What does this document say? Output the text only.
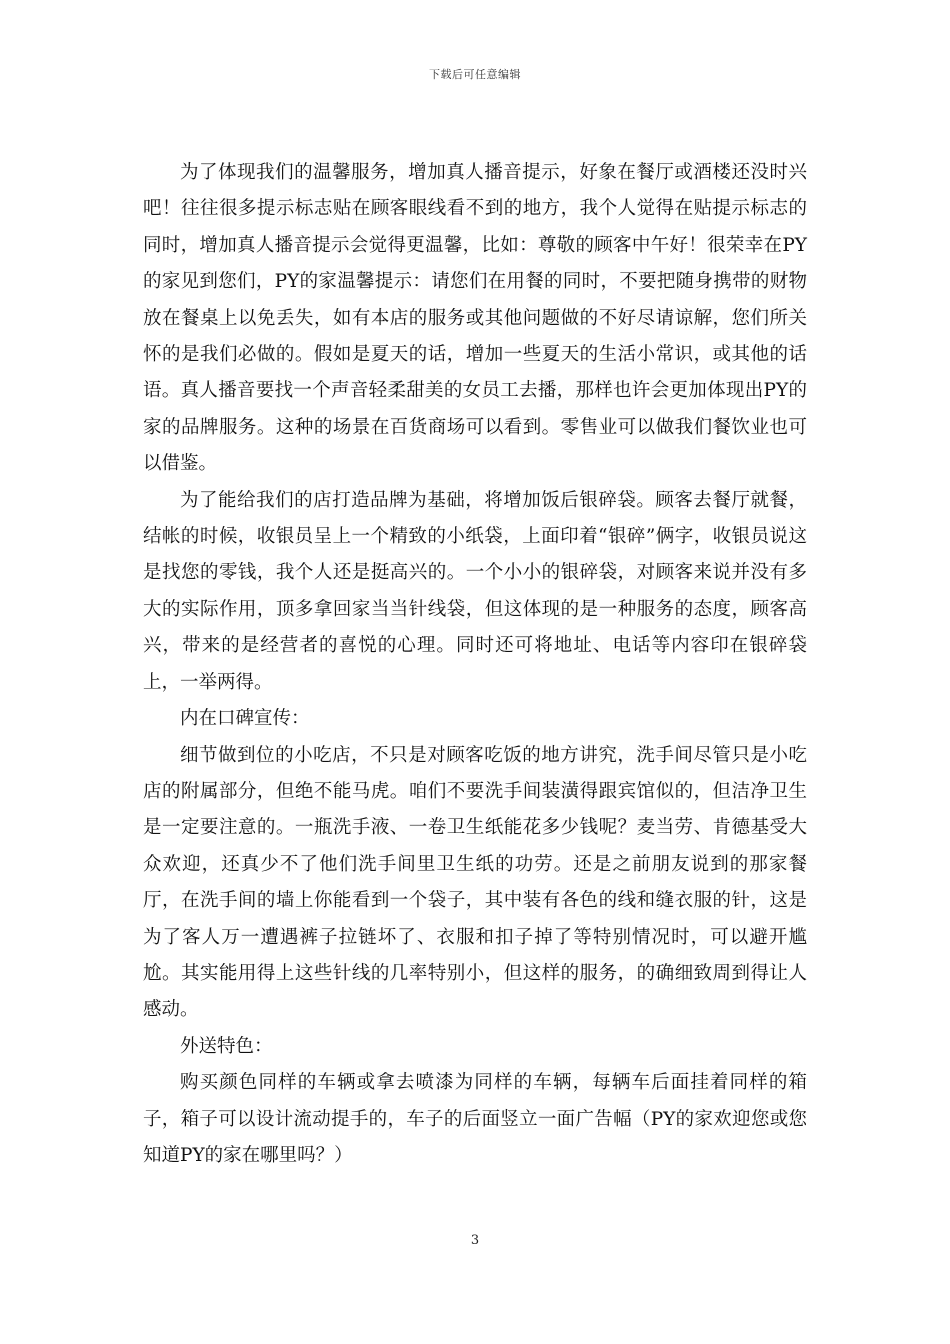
下载后可任意编辑

为了体现我们的温馨服务，增加真人播音提示，好象在餐厅或酒楼还没时兴吧！往往很多提示标志贴在顾客眼线看不到的地方，我个人觉得在贴提示标志的同时，增加真人播音提示会觉得更温馨，比如：尊敬的顾客中午好！很荣幸在PY的家见到您们，PY的家温馨提示：请您们在用餐的同时，不要把随身携带的财物放在餐桌上以免丢失，如有本店的服务或其他问题做的不好尽请谅解，您们所关怀的是我们必做的。假如是夏天的话，增加一些夏天的生活小常识，或其他的话语。真人播音要找一个声音轻柔甜美的女员工去播，那样也许会更加体现出PY的家的品牌服务。这种的场景在百货商场可以看到。零售业可以做我们餐饮业也可以借鉴。

为了能给我们的店打造品牌为基础，将增加饭后银碎袋。顾客去餐厅就餐，结帐的时候，收银员呈上一个精致的小纸袋，上面印着“银碎”俩字，收银员说这是找您的零钱，我个人还是挺高兴的。一个小小的银碎袋，对顾客来说并没有多大的实际作用，顶多拿回家当当针线袋，但这体现的是一种服务的态度，顾客高兴，带来的是经营者的喜悦的心理。同时还可将地址、电话等内容印在银碎袋上，一举两得。

内在口碑宣传：

细节做到位的小吃店，不只是对顾客吃饭的地方讲究，洗手间尽管只是小吃店的附属部分，但绝不能马虎。咱们不要洗手间装潢得跟宾馆似的，但洁净卫生是一定要注意的。一瓶洗手液、一卷卫生纸能花多少钱呢？麦当劳、肯德基受大众欢迎，还真少不了他们洗手间里卫生纸的功劳。还是之前朋友说到的那家餐厅，在洗手间的墙上你能看到一个袋子，其中装有各色的线和缝衣服的针，这是为了客人万一遭遇裤子拉链坏了、衣服和扣子掉了等特别情况时，可以避开尴尬。其实能用得上这些针线的几率特别小，但这样的服务，的确细致周到得让人感动。

外送特色：

购买颜色同样的车辆或拿去喷漆为同样的车辆，每辆车后面挂着同样的箱子，箱子可以设计流动提手的，车子的后面竖立一面广告幅（PY的家欢迎您或您知道PY的家在哪里吗？）

3
